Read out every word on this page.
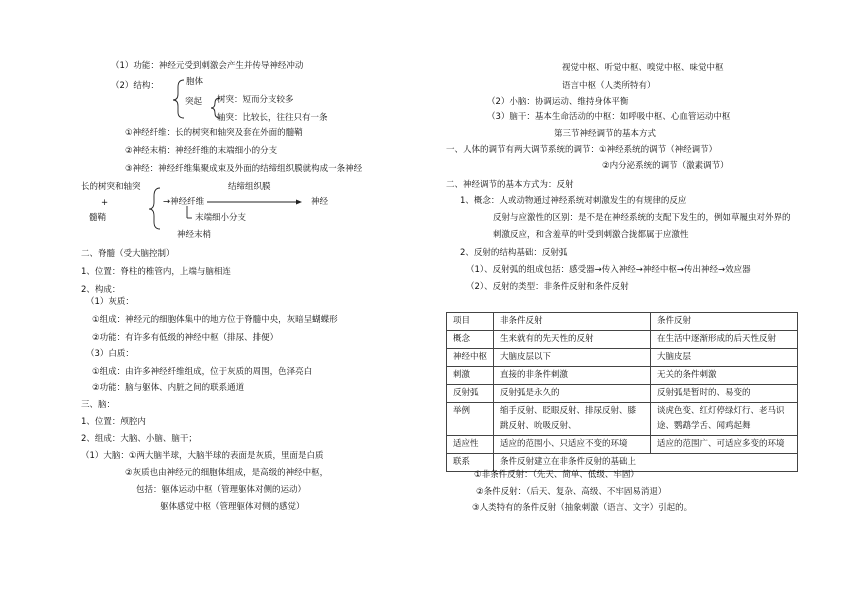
（1）功能：神经元受到刺激会产生并传导神经冲动
（2）结构：	胞体
突起 树突：短而分支较多
轴突：比较长，往往只有一条
①神经纤维：长的树突和轴突及套在外面的髓鞘
②神经末梢：神经纤维的末端细小的分支
③神经：神经纤维集聚成束及外面的结缔组织膜就构成一条神经
长的树突和轴突	结缔组织膜
+	→神经纤维	神经
髓鞘	末端细小分支
神经末梢
二、脊髓（受大脑控制）
1、位置：脊柱的椎管内，上端与脑相连
2、构成：
（1）灰质：
①组成：神经元的细胞体集中的地方位于脊髓中央，灰暗呈蝴蝶形
②功能：有许多有低级的神经中枢（排尿、排便）
（3）白质：
①组成：由许多神经纤维组成，位于灰质的周围，色泽亮白
②功能：脑与躯体、内脏之间的联系通道
三、脑：
1、位置：颅腔内
2、组成：大脑、小脑、脑干；
（1）大脑：①两大脑半球，大脑半球的表面是灰质，里面是白质
②灰质也由神经元的细胞体组成，是高级的神经中枢，
包括：躯体运动中枢（管理躯体对侧的运动）
躯体感觉中枢（管理躯体对侧的感觉）
视觉中枢、听觉中枢、嗅觉中枢、味觉中枢
语言中枢（人类所特有）
（2）小脑：协调运动、维持身体平衡
（3）脑干：基本生命活动的中枢：如呼吸中枢、心血管运动中枢
第三节神经调节的基本方式
一、人体的调节有两大调节系统的调节：①神经系统的调节（神经调节）
②内分泌系统的调节（激素调节）
二、神经调节的基本方式为：反射
1、概念：人或动物通过神经系统对刺激发生的有规律的反应
反射与应激性的区别：是不是在神经系统的支配下发生的，例如草履虫对外界的
刺激反应，和含羞草的叶受到刺激合拢都属于应激性
2、反射的结构基础：反射弧
（1）、反射弧的组成包括：感受器→传入神经→神经中枢→传出神经→效应器
（2）、反射的类型：非条件反射和条件反射
项目	非条件反射	条件反射
概念	生来就有的先天性的反射	在生活中逐渐形成的后天性反射
神经中枢	大脑皮层以下	大脑皮层
刺激	直接的非条件刺激	无关的条件刺激
反射弧	反射弧是永久的	反射弧是暂时的、易变的
举例	缩手反射、眨眼反射、排尿反射、膝跳反射、吮吸反射、	谈虎色变、红灯停绿灯行、老马识途、鹦鹉学舌、闻鸡起舞
适应性	适应的范围小、只适应不变的环境	适应的范围广、可适应多变的环境
联系	条件反射建立在非条件反射的基础上	
①非条件反射：（先天、简单、低级、牢固）
②条件反射：（后天、复杂、高级、不牢固易消退）
③人类特有的条件反射（抽象刺激（语言、文字）引起的。
